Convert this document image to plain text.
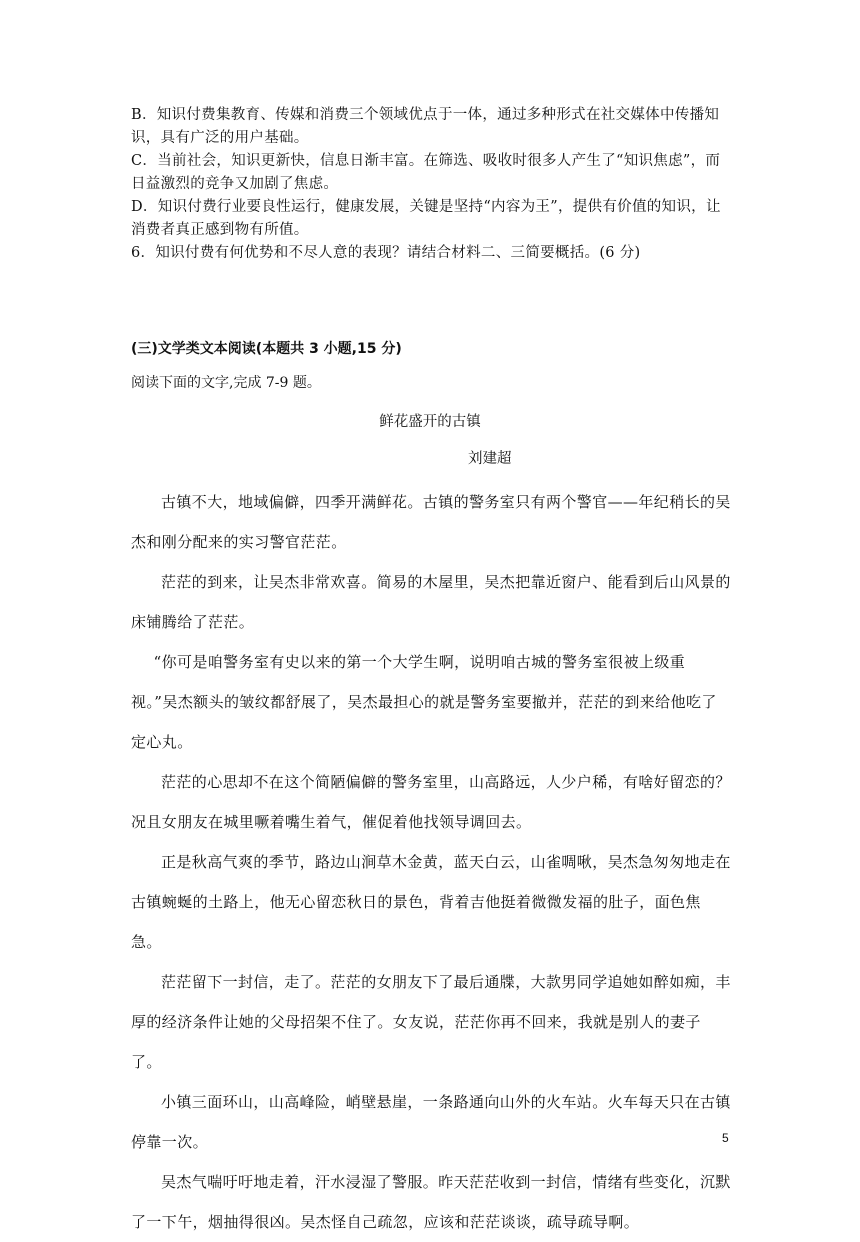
B．知识付费集教育、传媒和消费三个领域优点于一体，通过多种形式在社交媒体中传播知识，具有广泛的用户基础。
C．当前社会，知识更新快，信息日渐丰富。在筛选、吸收时很多人产生了“知识焦虑”，而日益激烈的竞争又加剧了焦虑。
D．知识付费行业要良性运行，健康发展，关键是坚持“内容为王”，提供有价值的知识，让消费者真正感到物有所值。
6．知识付费有何优势和不尽人意的表现？请结合材料二、三简要概括。(6 分)
(三)文学类文本阅读(本题共 3 小题,15 分)
阅读下面的文字,完成 7-9 题。
鲜花盛开的古镇
刘建超

古镇不大，地域偏僻，四季开满鲜花。古镇的警务室只有两个警官——年纪稍长的吴杰和刚分配来的实习警官茫茫。

茫茫的到来，让吴杰非常欢喜。简易的木屋里，吴杰把靠近窗户、能看到后山风景的床铺腾给了茫茫。

“你可是咱警务室有史以来的第一个大学生啊，说明咱古城的警务室很被上级重视。”吴杰额头的皱纹都舒展了，吴杰最担心的就是警务室要撤并，茫茫的到来给他吃了定心丸。

茫茫的心思却不在这个简陋偏僻的警务室里，山高路远，人少户稀，有啥好留恋的？况且女朋友在城里噘着嘴生着气，催促着他找领导调回去。

正是秋高气爽的季节，路边山涧草木金黄，蓝天白云，山雀啁啾，吴杰急匆匆地走在古镇蜿蜒的土路上，他无心留恋秋日的景色，背着吉他挺着微微发福的肚子，面色焦急。

茫茫留下一封信，走了。茫茫的女朋友下了最后通牒，大款男同学追她如醉如痴，丰厚的经济条件让她的父母招架不住了。女友说，茫茫你再不回来，我就是别人的妻子了。

小镇三面环山，山高峰险，峭壁悬崖，一条路通向山外的火车站。火车每天只在古镇停靠一次。

吴杰气喘吁吁地走着，汗水浸湿了警服。昨天茫茫收到一封信，情绪有些变化，沉默了一下午，烟抽得很凶。吴杰怪自己疏忽，应该和茫茫谈谈，疏导疏导啊。

5
